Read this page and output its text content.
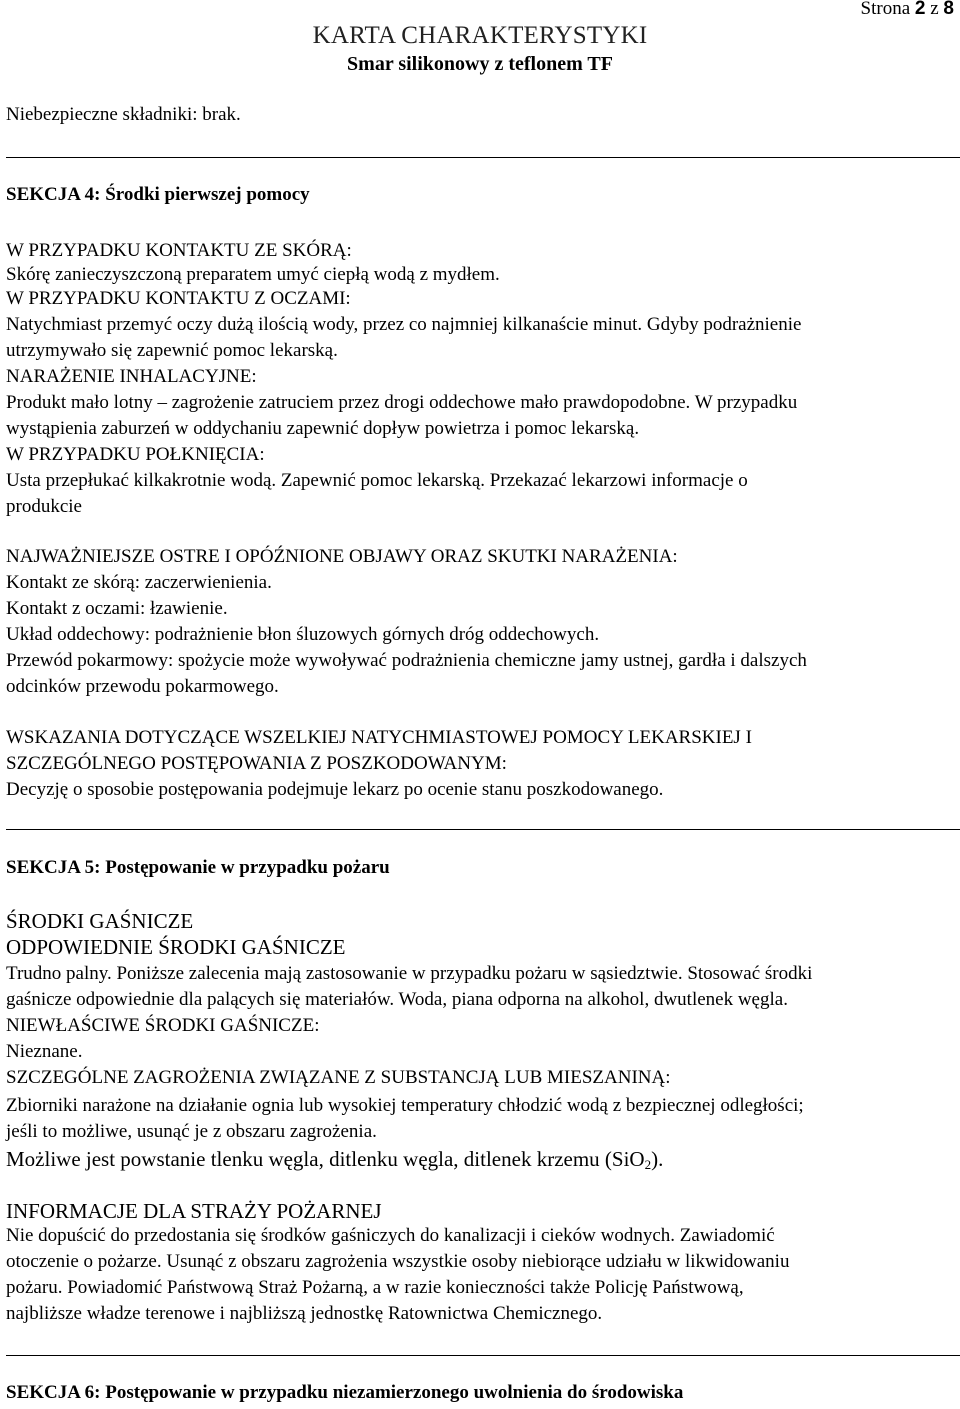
Strona 2 z 8
KARTA CHARAKTERYSTYKI
Smar silikonowy z teflonem TF
Niebezpieczne składniki: brak.
SEKCJA 4: Środki pierwszej pomocy
W PRZYPADKU KONTAKTU ZE SKÓRĄ:
Skórę zanieczyszczoną preparatem umyć ciepłą wodą z mydłem.
W PRZYPADKU KONTAKTU Z OCZAMI:
Natychmiast przemyć oczy dużą ilością wody, przez co najmniej kilkanaście minut. Gdyby podrażnienie
utrzymywało się zapewnić pomoc lekarską.
NARAŻENIE INHALACYJNE:
Produkt mało lotny – zagrożenie zatruciem przez drogi oddechowe mało prawdopodobne. W przypadku
wystąpienia zaburzeń w oddychaniu zapewnić dopływ powietrza i pomoc lekarską.
W PRZYPADKU POŁKNIĘCIA:
Usta przepłukać kilkakrotnie wodą. Zapewnić pomoc lekarską. Przekazać lekarzowi informacje o
produkcie
NAJWAŻNIEJSZE OSTRE I OPÓŹNIONE OBJAWY ORAZ SKUTKI NARAŻENIA:
Kontakt ze skórą: zaczerwienienia.
Kontakt z oczami: łzawienie.
Układ oddechowy: podrażnienie błon śluzowych górnych dróg oddechowych.
Przewód pokarmowy: spożycie może wywoływać podrażnienia chemiczne jamy ustnej, gardła i dalszych
odcinków przewodu pokarmowego.
WSKAZANIA DOTYCZĄCE WSZELKIEJ NATYCHMIASTOWEJ POMOCY LEKARSKIEJ I
SZCZEGÓLNEGO POSTĘPOWANIA Z POSZKODOWANYM:
Decyzję o sposobie postępowania podejmuje lekarz po ocenie stanu poszkodowanego.
SEKCJA 5: Postępowanie w przypadku pożaru
ŚRODKI GAŚNICZE
ODPOWIEDNIE ŚRODKI GAŚNICZE
Trudno palny. Poniższe zalecenia mają zastosowanie w przypadku pożaru w sąsiedztwie. Stosować środki
gaśnicze odpowiednie dla palących się materiałów. Woda, piana odporna na alkohol, dwutlenek węgla.
NIEWŁAŚCIWE ŚRODKI GAŚNICZE:
Nieznane.
SZCZEGÓLNE ZAGROŻENIA ZWIĄZANE Z SUBSTANCJĄ LUB MIESZANINĄ:
Zbiorniki narażone na działanie ognia lub wysokiej temperatury chłodzić wodą z bezpiecznej odległości;
jeśli to możliwe, usunąć je z obszaru zagrożenia.
Możliwe jest powstanie tlenku węgla, ditlenku węgla, ditlenek krzemu (SiO$_2$).
INFORMACJE DLA STRAŻY POŻARNEJ
Nie dopuścić do przedostania się środków gaśniczych do kanalizacji i cieków wodnych. Zawiadomić
otoczenie o pożarze. Usunąć z obszaru zagrożenia wszystkie osoby niebiorące udziału w likwidowaniu
pożaru. Powiadomić Państwową Straż Pożarną, a w razie konieczności także Policję Państwową,
najbliższe władze terenowe i najbliższą jednostkę Ratownictwa Chemicznego.
SEKCJA 6: Postępowanie w przypadku niezamierzonego uwolnienia do środowiska
